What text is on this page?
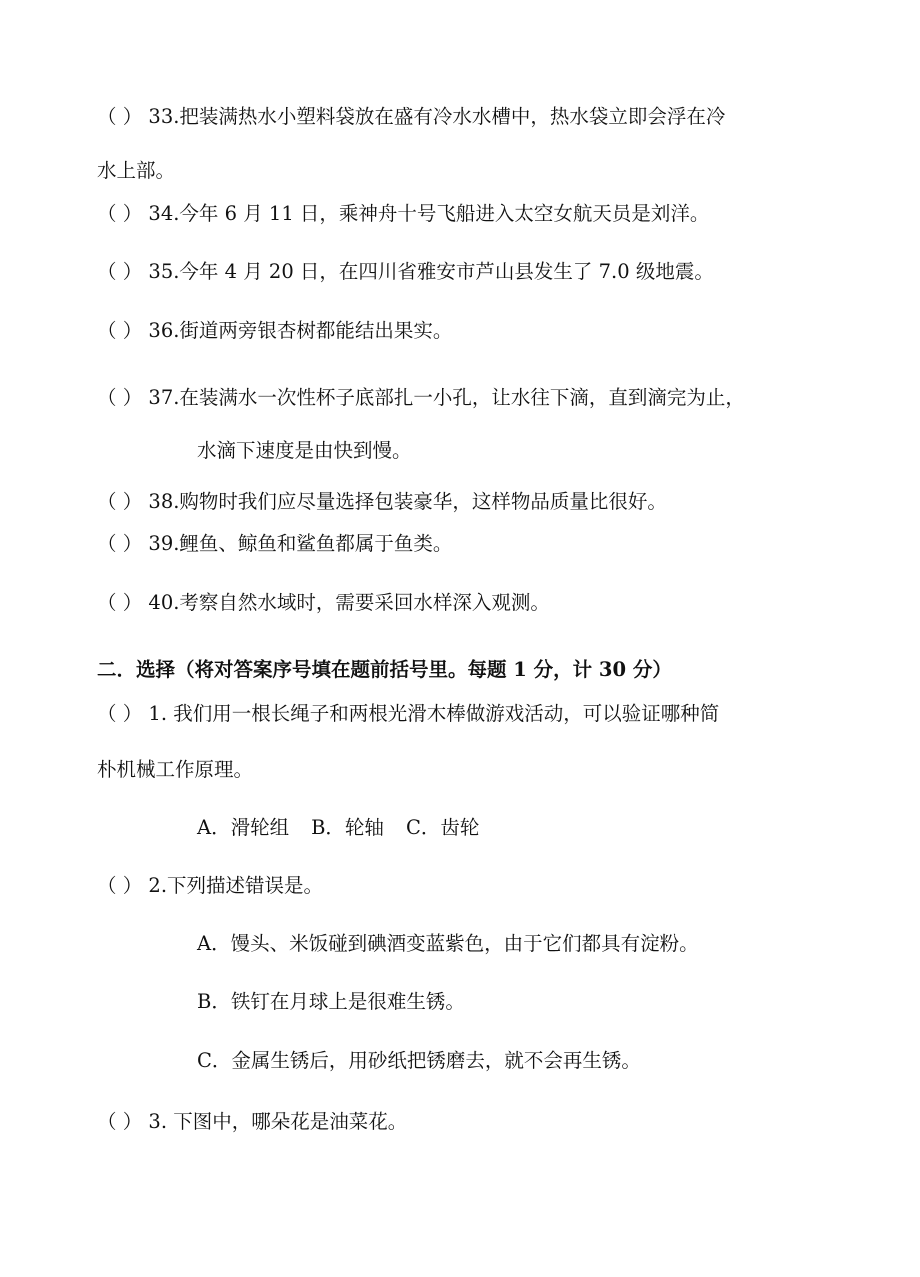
（ ） 33.把装满热水小塑料袋放在盛有冷水水槽中，热水袋立即会浮在冷
水上部。
（ ） 34.今年 6 月 11 日，乘神舟十号飞船进入太空女航天员是刘洋。
（ ） 35.今年 4 月 20 日，在四川省雅安市芦山县发生了 7.0 级地震。
（ ） 36.街道两旁银杏树都能结出果实。
（ ） 37.在装满水一次性杯子底部扎一小孔，让水往下滴，直到滴完为止，
水滴下速度是由快到慢。
（ ） 38.购物时我们应尽量选择包装豪华，这样物品质量比很好。
（ ） 39.鲤鱼、鲸鱼和鲨鱼都属于鱼类。
（ ） 40.考察自然水域时，需要采回水样深入观测。
二．选择（将对答案序号填在题前括号里。每题 1 分，计 30 分）
（ ） 1. 我们用一根长绳子和两根光滑木棒做游戏活动，可以验证哪种简
朴机械工作原理。
A．滑轮组 B．轮轴 C．齿轮
（ ） 2.下列描述错误是。
A．馒头、米饭碰到碘酒变蓝紫色，由于它们都具有淀粉。
B．铁钉在月球上是很难生锈。
C．金属生锈后，用砂纸把锈磨去，就不会再生锈。
（ ） 3. 下图中，哪朵花是油菜花。
